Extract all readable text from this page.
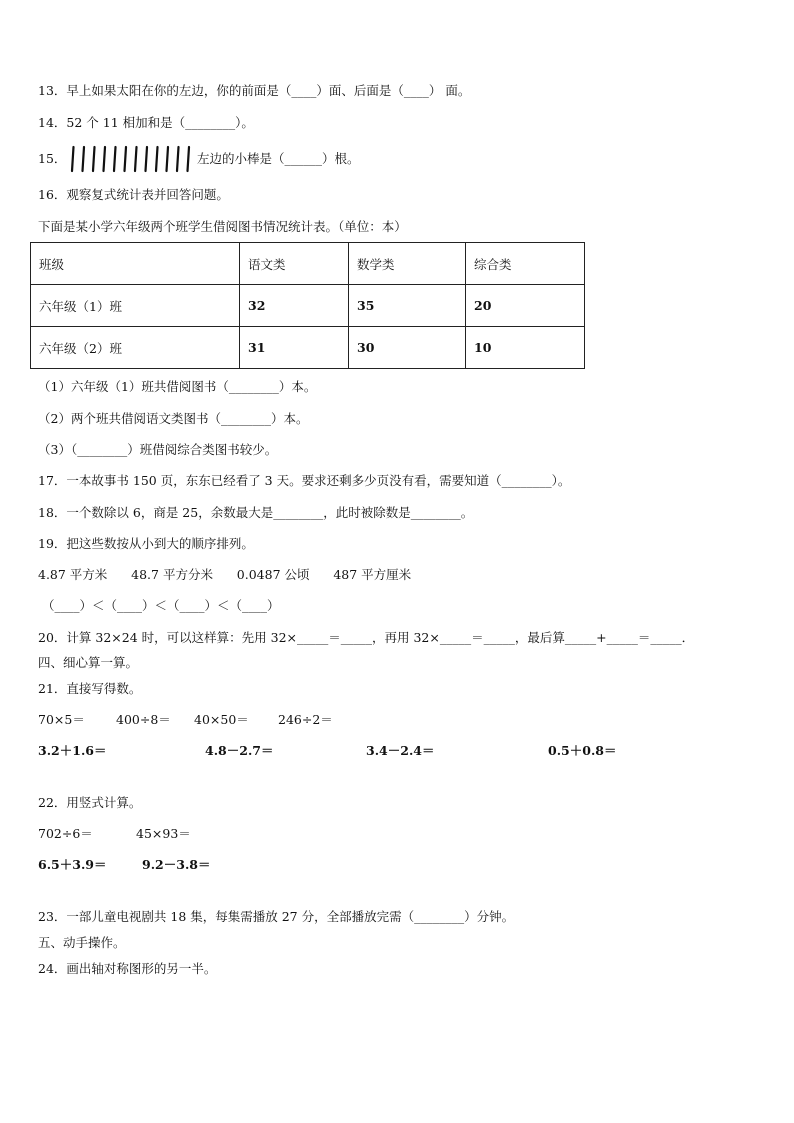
13．早上如果太阳在你的左边，你的前面是（____）面、后面是（____） 面。
14．52 个 11 相加和是（________）。
15．	左边的小棒是（______）根。
16．观察复式统计表并回答问题。
下面是某小学六年级两个班学生借阅图书情况统计表。（单位：本）
班级	语文类	数学类	综合类
六年级（1）班	32	35	20
六年级（2）班	31	30	10
（1）六年级（1）班共借阅图书（________）本。
（2）两个班共借阅语文类图书（________）本。
（3）（________）班借阅综合类图书较少。
17．一本故事书 150 页，东东已经看了 3 天。要求还剩多少页没有看，需要知道（________）。
18．一个数除以 6，商是 25，余数最大是________，此时被除数是________。
19．把这些数按从小到大的顺序排列。
4.87 平方米      48.7 平方分米      0.0487 公顷      487 平方厘米
（____）＜（____）＜（____）＜（____）
20．计算 32×24 时，可以这样算：先用 32×_____＝_____，再用 32×_____＝_____，最后算_____+_____＝_____．
四、细心算一算。
21．直接写得数。
70×5＝ 400÷8＝ 40×50＝ 246÷2＝
3.2＋1.6＝	4.8－2.7＝	3.4－2.4＝	0.5＋0.8＝
22．用竖式计算。
702÷6＝	45×93＝
6.5＋3.9＝	9.2－3.8＝
23．一部儿童电视剧共 18 集，每集需播放 27 分，全部播放完需（________）分钟。
五、动手操作。
24．画出轴对称图形的另一半。
